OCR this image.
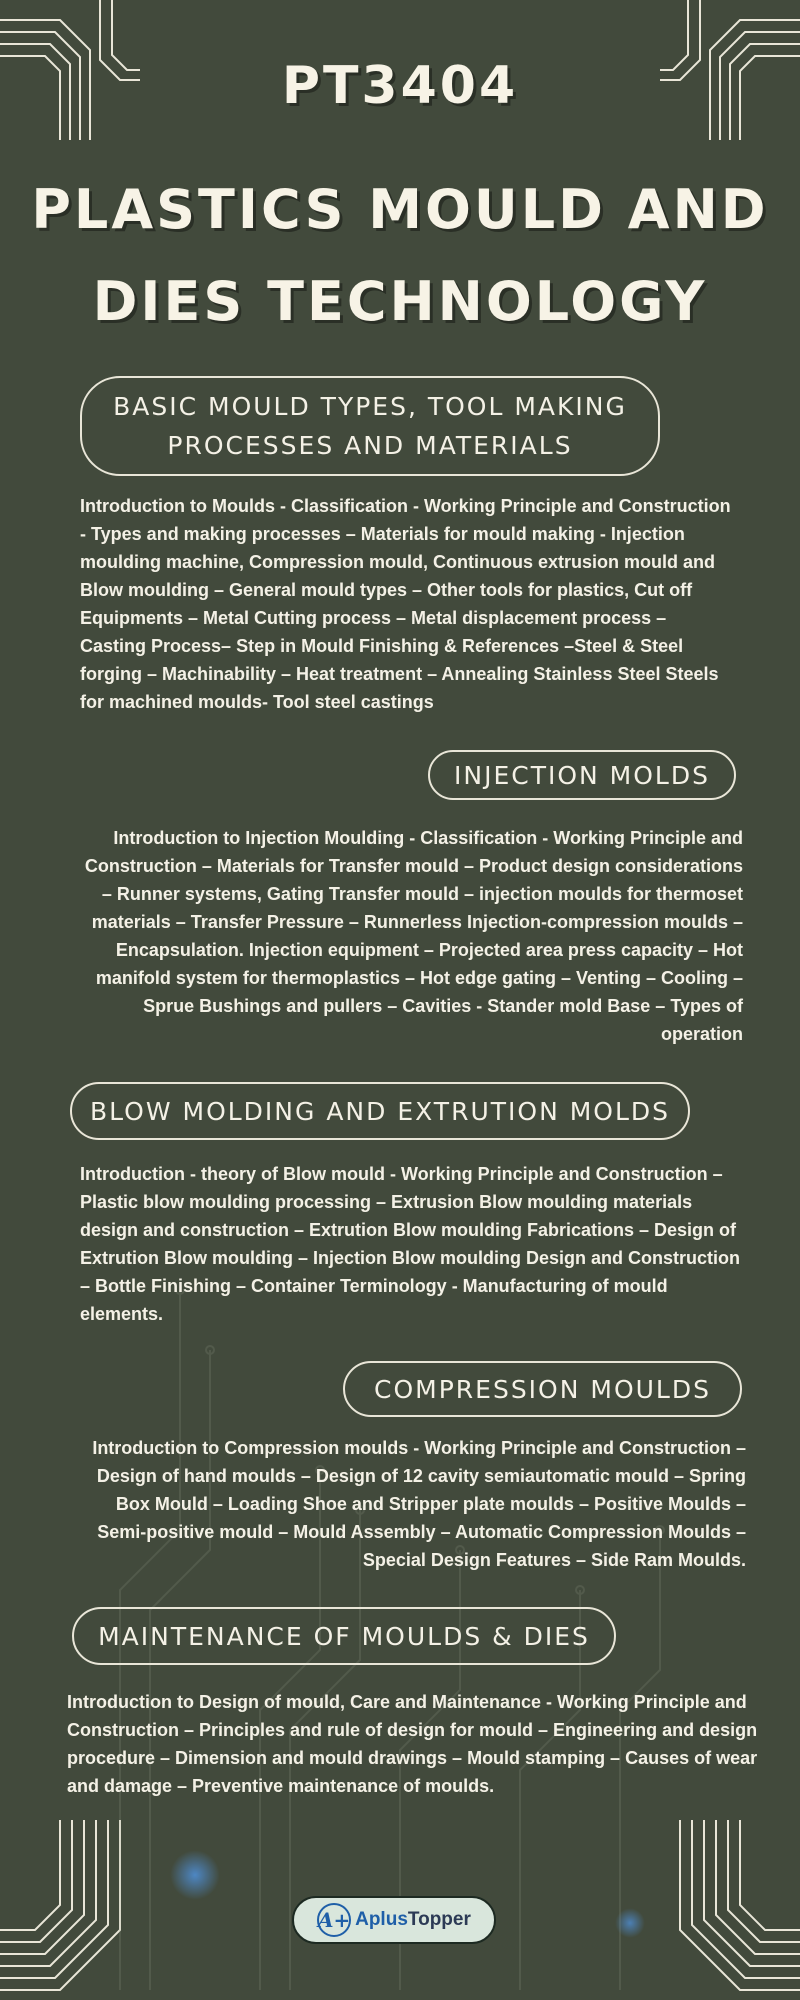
PT3404
PLASTICS MOULD AND DIES TECHNOLOGY
BASIC MOULD TYPES, TOOL MAKING PROCESSES AND MATERIALS

Introduction to Moulds - Classification - Working Principle and Construction - Types and making processes – Materials for mould making - Injection moulding machine, Compression mould, Continuous extrusion mould and Blow moulding – General mould types – Other tools for plastics, Cut off Equipments – Metal Cutting process – Metal displacement process – Casting Process– Step in Mould Finishing & References –Steel & Steel forging – Machinability – Heat treatment – Annealing Stainless Steel Steels for machined moulds- Tool steel castings

INJECTION MOLDS

Introduction to Injection Moulding - Classification - Working Principle and Construction – Materials for Transfer mould – Product design considerations – Runner systems, Gating Transfer mould – injection moulds for thermoset materials – Transfer Pressure – Runnerless Injection-compression moulds – Encapsulation. Injection equipment – Projected area press capacity – Hot manifold system for thermoplastics – Hot edge gating – Venting – Cooling – Sprue Bushings and pullers – Cavities - Stander mold Base – Types of operation

BLOW MOLDING AND EXTRUTION MOLDS

Introduction - theory of Blow mould - Working Principle and Construction – Plastic blow moulding processing – Extrusion Blow moulding materials design and construction – Extrution Blow moulding Fabrications – Design of Extrution Blow moulding – Injection Blow moulding Design and Construction – Bottle Finishing – Container Terminology - Manufacturing of mould elements.

COMPRESSION MOULDS

Introduction to Compression moulds - Working Principle and Construction – Design of hand moulds – Design of 12 cavity semiautomatic mould – Spring Box Mould – Loading Shoe and Stripper plate moulds – Positive Moulds – Semi-positive mould – Mould Assembly – Automatic Compression Moulds – Special Design Features – Side Ram Moulds.

MAINTENANCE OF MOULDS & DIES

Introduction to Design of mould, Care and Maintenance - Working Principle and Construction – Principles and rule of design for mould – Engineering and design procedure – Dimension and mould drawings – Mould stamping – Causes of wear and damage – Preventive maintenance of moulds.

A+ AplusTopper
